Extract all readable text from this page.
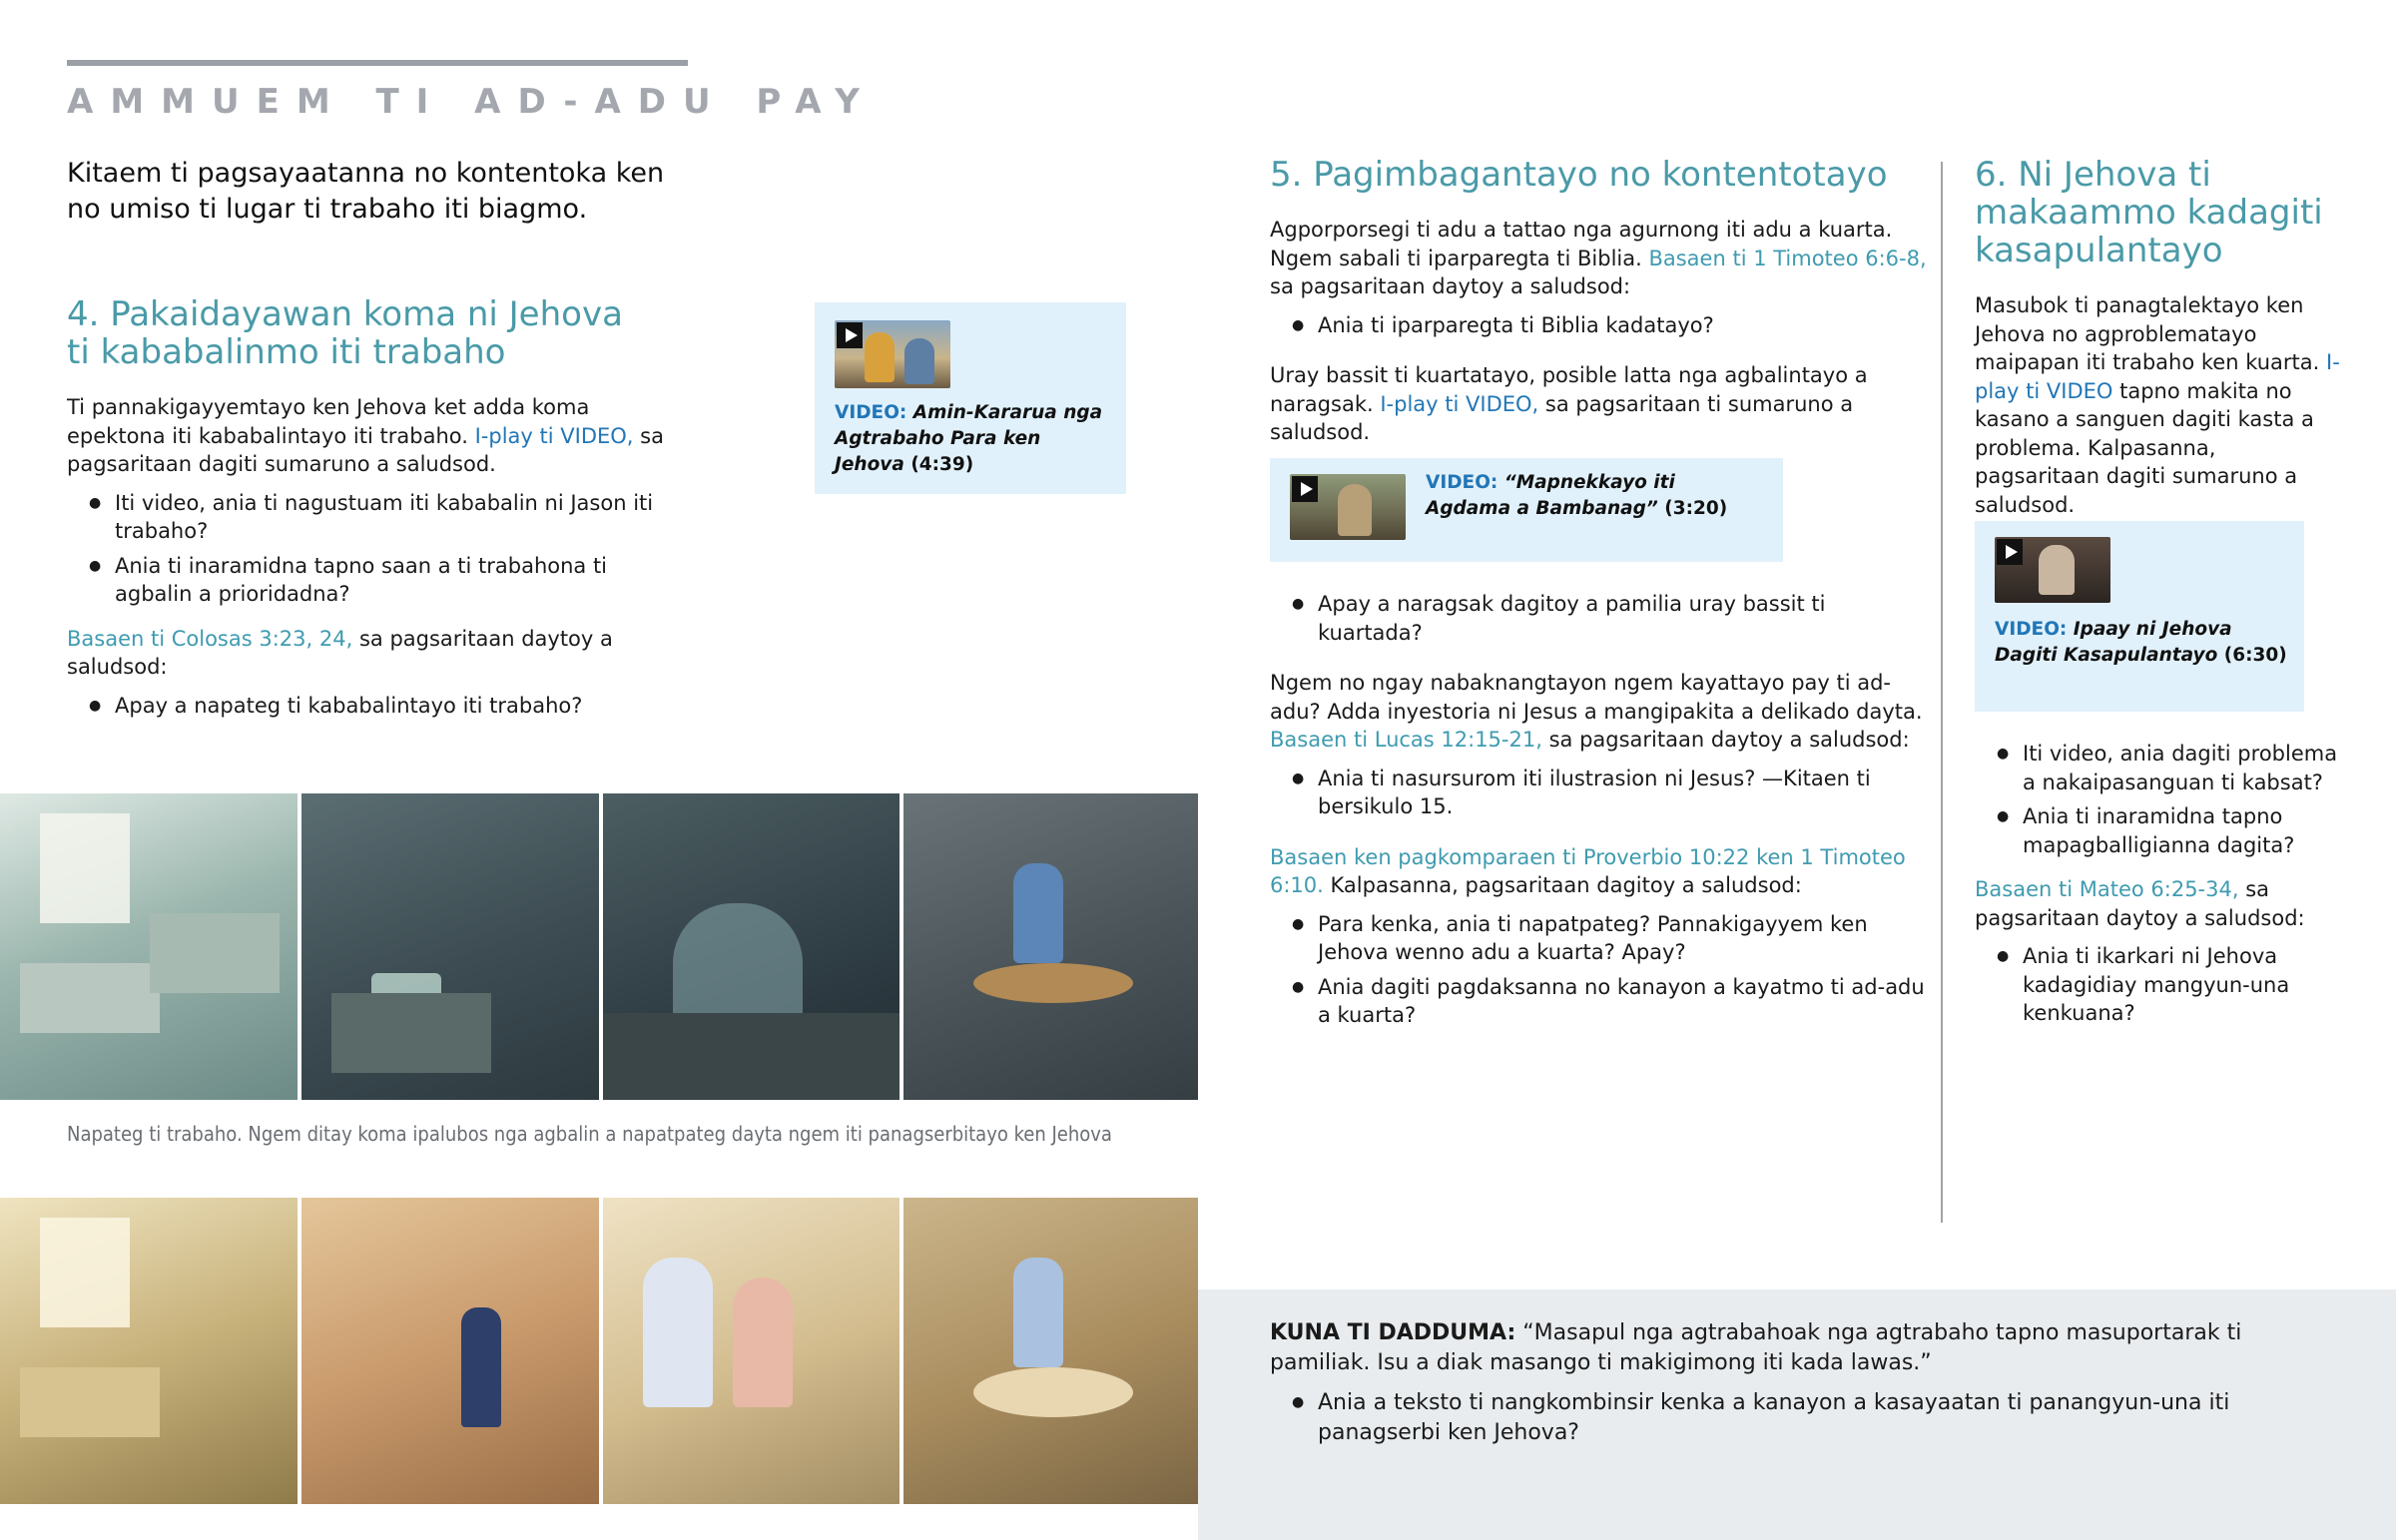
AMMUEM TI AD-ADU PAY
Kitaem ti pagsayaatanna no kontentoka ken no umiso ti lugar ti trabaho iti biagmo.
4. Pakaidayawan koma ni Jehova
ti kababalinmo iti trabaho

Ti pannakigayyemtayo ken Jehova ket adda koma epektona iti kababalintayo iti trabaho. I-play ti VIDEO, sa pagsaritaan dagiti sumaruno a saludsod.

● Iti video, ania ti nagustuam iti kababalin ni Jason iti trabaho?
● Ania ti inaramidna tapno saan a ti trabahona ti agbalin a prioridadna?

Basaen ti Colosas 3:23, 24, sa pagsaritaan daytoy a saludsod:

● Apay a napateg ti kababalintayo iti trabaho?
VIDEO: Amin-Kararua nga Agtrabaho Para ken Jehova (4:39)
Napateg ti trabaho. Ngem ditay koma ipalubos nga agbalin a napatpateg dayta ngem iti panagserbitayo ken Jehova
5. Pagimbagantayo no kontentotayo

Agporporsegi ti adu a tattao nga agurnong iti adu a kuarta. Ngem sabali ti iparparegta ti Biblia. Basaen ti 1 Timoteo 6:6-8, sa pagsaritaan daytoy a saludsod:

● Ania ti iparparegta ti Biblia kadatayo?

Uray bassit ti kuartatayo, posible latta nga agbalintayo a naragsak. I-play ti VIDEO, sa pagsaritaan ti sumaruno a saludsod.

VIDEO: “Mapnekkayo iti Agdama a Bambanag” (3:20)
● Apay a naragsak dagitoy a pamilia uray bassit ti kuartada?

Ngem no ngay nabaknangtayon ngem kayattayo pay ti ad-adu? Adda inyestoria ni Jesus a mangipakita a delikado dayta. Basaen ti Lucas 12:15-21, sa pagsaritaan daytoy a saludsod:

● Ania ti nasursurom iti ilustrasion ni Jesus? —Kitaen ti bersikulo 15.

Basaen ken pagkomparaen ti Proverbio 10:22 ken 1 Timoteo 6:10. Kalpasanna, pagsaritaan dagitoy a saludsod:

● Para kenka, ania ti napatpateg? Pannakigayyem ken Jehova wenno adu a kuarta? Apay?
● Ania dagiti pagdaksanna no kanayon a kayatmo ti ad-adu a kuarta?
6. Ni Jehova ti makaammo kadagiti kasapulantayo

Masubok ti panagtalektayo ken Jehova no agproblematayo maipapan iti trabaho ken kuarta. I-play ti VIDEO tapno makita no kasano a sanguen dagiti kasta a problema. Kalpasanna, pagsaritaan dagiti sumaruno a saludsod.

VIDEO: Ipaay ni Jehova Dagiti Kasapulantayo (6:30)
● Iti video, ania dagiti problema a nakaipasanguan ti kabsat?
● Ania ti inaramidna tapno mapagballigianna dagita?

Basaen ti Mateo 6:25-34, sa pagsaritaan daytoy a saludsod:

● Ania ti ikarkari ni Jehova kadagidiay mangyun-una kenkuana?

KUNA TI DADDUMA: “Masapul nga agtrabahoak nga agtrabaho tapno masuportarak ti pamiliak. Isu a diak masango ti makigimong iti kada lawas.”

● Ania a teksto ti nangkombinsir kenka a kanayon a kasayaatan ti panangyun-una iti panagserbi ken Jehova?
